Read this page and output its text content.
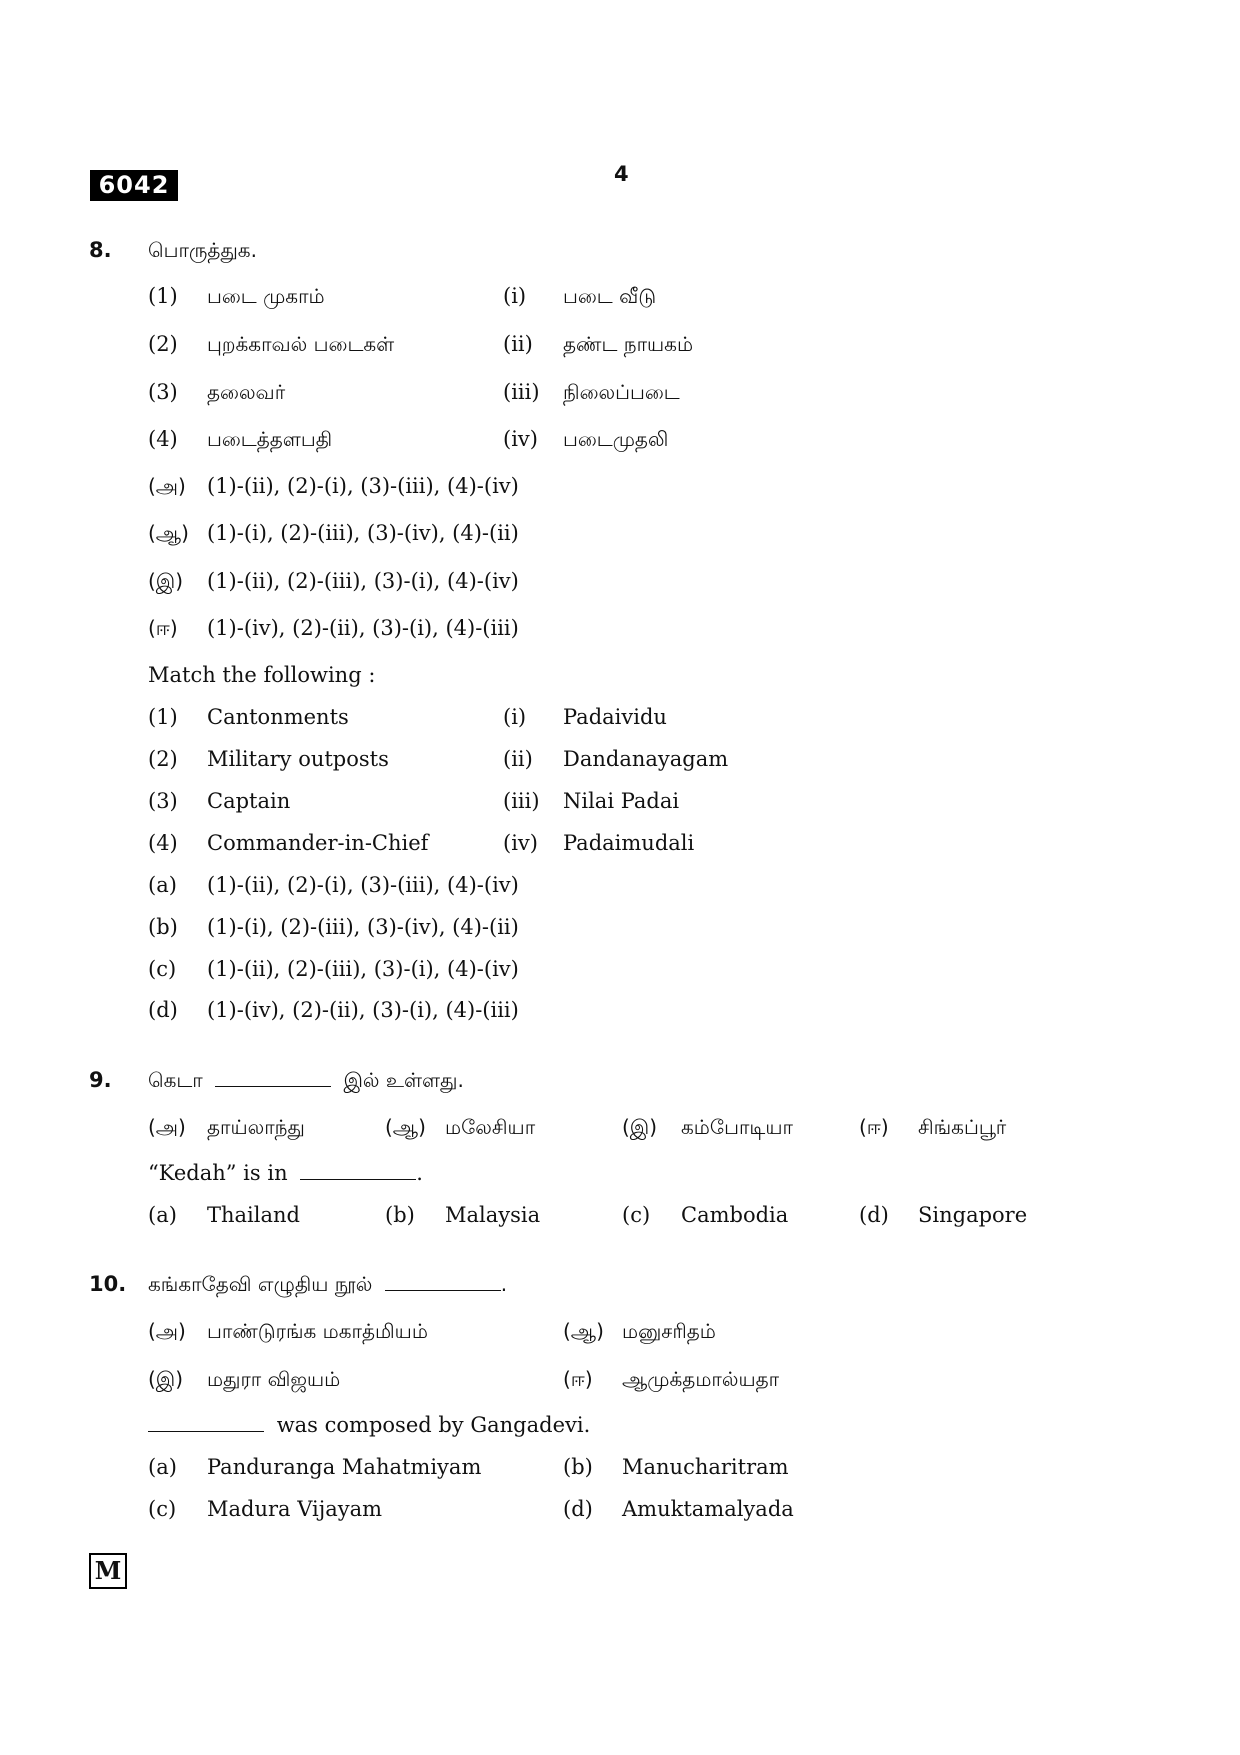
6042	4
8. பொருத்துக.
(1) படை முகாம்	(i) படை வீடு
(2) புறக்காவல் படைகள்	(ii) தண்ட நாயகம்
(3) தலைவர்	(iii) நிலைப்படை
(4) படைத்தளபதி	(iv) படைமுதலி
(அ) (1)-(ii), (2)-(i), (3)-(iii), (4)-(iv)
(ஆ) (1)-(i), (2)-(iii), (3)-(iv), (4)-(ii)
(இ) (1)-(ii), (2)-(iii), (3)-(i), (4)-(iv)
(ஈ) (1)-(iv), (2)-(ii), (3)-(i), (4)-(iii)
Match the following :
(1) Cantonments	(i) Padaividu
(2) Military outposts	(ii) Dandanayagam
(3) Captain	(iii) Nilai Padai
(4) Commander-in-Chief	(iv) Padaimudali
(a) (1)-(ii), (2)-(i), (3)-(iii), (4)-(iv)
(b) (1)-(i), (2)-(iii), (3)-(iv), (4)-(ii)
(c) (1)-(ii), (2)-(iii), (3)-(i), (4)-(iv)
(d) (1)-(iv), (2)-(ii), (3)-(i), (4)-(iii)
9. கெடா	இல் உள்ளது.
(அ) தாய்லாந்து	(ஆ) மலேசியா	(இ) கம்போடியா	(ஈ) சிங்கப்பூர்
“Kedah” is in	.
(a) Thailand	(b) Malaysia	(c) Cambodia	(d) Singapore
10. கங்காதேவி எழுதிய நூல்	.
(அ) பாண்டுரங்க மகாத்மியம்	(ஆ) மனுசரிதம்
(இ) மதுரா விஜயம்	(ஈ) ஆமுக்தமால்யதா
was composed by Gangadevi.
(a) Panduranga Mahatmiyam	(b) Manucharitram
(c) Madura Vijayam	(d) Amuktamalyada
M
